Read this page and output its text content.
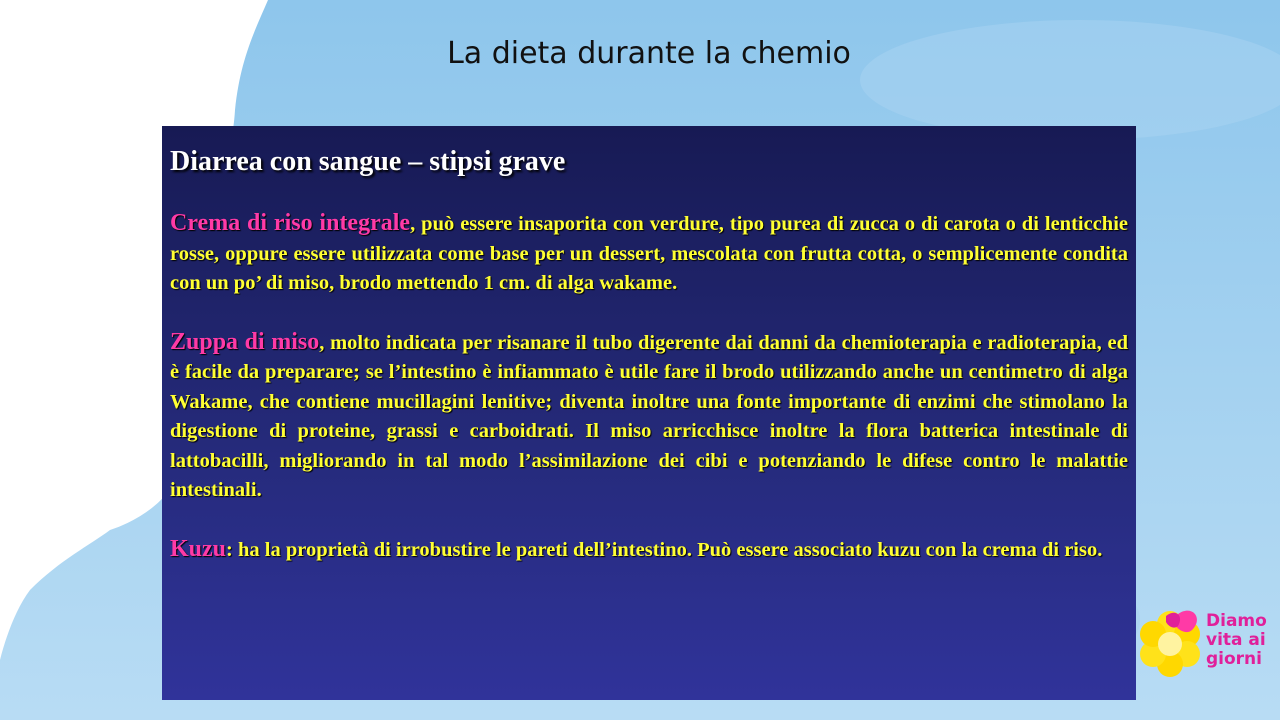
La dieta durante la chemio
Diarrea con sangue – stipsi grave

Crema di riso integrale, può essere insaporita con verdure, tipo purea di zucca o di carota o di lenticchie rosse, oppure essere utilizzata come base per un dessert, mescolata con frutta cotta, o semplicemente condita con un po’ di miso, brodo mettendo 1 cm. di alga wakame.

Zuppa di miso, molto indicata per risanare il tubo digerente dai danni da chemioterapia e radioterapia, ed è facile da preparare; se l’intestino è infiammato è utile fare il brodo utilizzando anche un centimetro di alga Wakame, che contiene mucillagini lenitive; diventa inoltre una fonte importante di enzimi che stimolano la digestione di proteine, grassi e carboidrati. Il miso arricchisce inoltre la flora batterica intestinale di lattobacilli, migliorando in tal modo l’assimilazione dei cibi e potenziando le difese contro le malattie intestinali.

Kuzu: ha la proprietà di irrobustire le pareti dell’intestino. Può essere associato kuzu con la crema di riso.

Diamo
vita ai
giorni
